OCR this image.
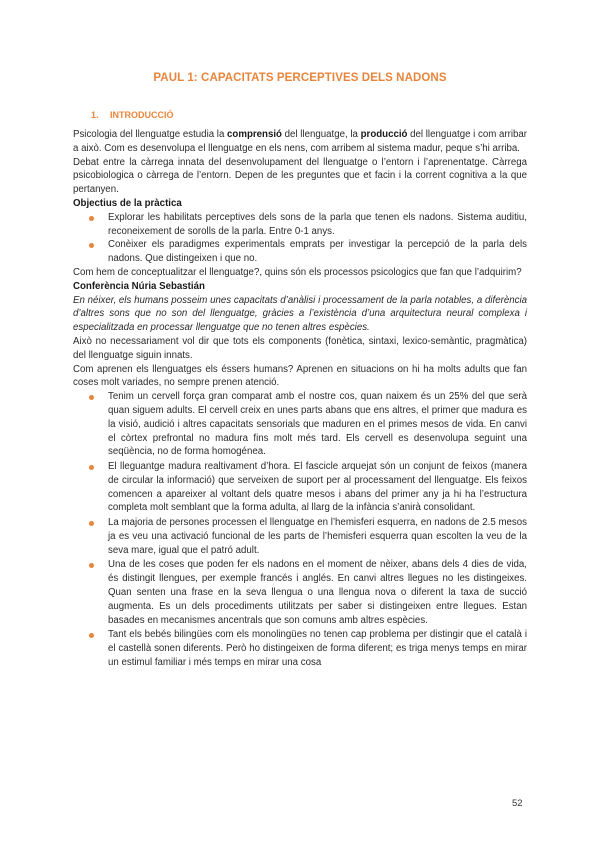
PAUL 1: CAPACITATS PERCEPTIVES DELS NADONS
1. INTRODUCCIÓ

Psicologia del llenguatge estudia la comprensió del llenguatge, la producció del llenguatge i com arribar a això. Com es desenvolupa el llenguatge en els nens, com arribem al sistema madur, peque s’hi arriba.

Debat entre la càrrega innata del desenvolupament del llenguatge o l’entorn i l’aprenentatge. Càrrega psicobiologica o càrrega de l’entorn. Depen de les preguntes que et facin i la corrent cognitiva a la que pertanyen.

Objectius de la pràctica

Explorar les habilitats perceptives dels sons de la parla que tenen els nadons. Sistema auditiu, reconeixement de sorolls de la parla. Entre 0-1 anys.
Conèixer els paradigmes experimentals emprats per investigar la percepció de la parla dels nadons. Que distingeixen i que no.

Com hem de conceptualitzar el llenguatge?, quins són els processos psicologics que fan que l’adquirim?

Conferència Núria Sebastián

En néixer, els humans posseim unes capacitats d’anàlisi i processament de la parla notables, a diferència d’altres sons que no son del llenguatge, gràcies a l’existència d’una arquitectura neural complexa i especialitzada en processar llenguatge que no tenen altres espècies.

Això no necessariament vol dir que tots els components (fonètica, sintaxi, lexico-semàntic, pragmàtica) del llenguatge siguin innats.

Com aprenen els llenguatges els éssers humans? Aprenen en situacions on hi ha molts adults que fan coses molt variades, no sempre prenen atenció.

Tenim un cervell força gran comparat amb el nostre cos, quan naixem és un 25% del que serà quan siguem adults. El cervell creix en unes parts abans que ens altres, el primer que madura es la visió, audició i altres capacitats sensorials que maduren en el primes mesos de vida. En canvi el còrtex prefrontal no madura fins molt més tard. Els cervell es desenvolupa seguint una seqüència, no de forma homogénea.
El lleguantge madura realtivament d’hora. El fascicle arquejat són un conjunt de feixos (manera de circular la informació) que serveixen de suport per al processament del llenguatge. Els feixos comencen a apareixer al voltant dels quatre mesos i abans del primer any ja hi ha l’estructura completa molt semblant que la forma adulta, al llarg de la infància s’anirà consolidant.
La majoria de persones processen el llenguatge en l’hemisferi esquerra, en nadons de 2.5 mesos ja es veu una activació funcional de les parts de l’hemisferi esquerra quan escolten la veu de la seva mare, igual que el patró adult.
Una de les coses que poden fer els nadons en el moment de nèixer, abans dels 4 dies de vida, és distingit llengues, per exemple francés i anglés. En canvi altres llegues no les distingeixes. Quan senten una frase en la seva llengua o una llengua nova o diferent la taxa de succió augmenta. Es un dels procediments utilitzats per saber si distingeixen entre llegues. Estan basades en mecanismes ancentrals que son comuns amb altres espècies.
Tant els bebés bilingües com els monolingües no tenen cap problema per distingir que el català i el castellà sonen diferents. Però ho distingeixen de forma diferent; es triga menys temps en mirar un estimul familiar i més temps en mirar una cosa
52
